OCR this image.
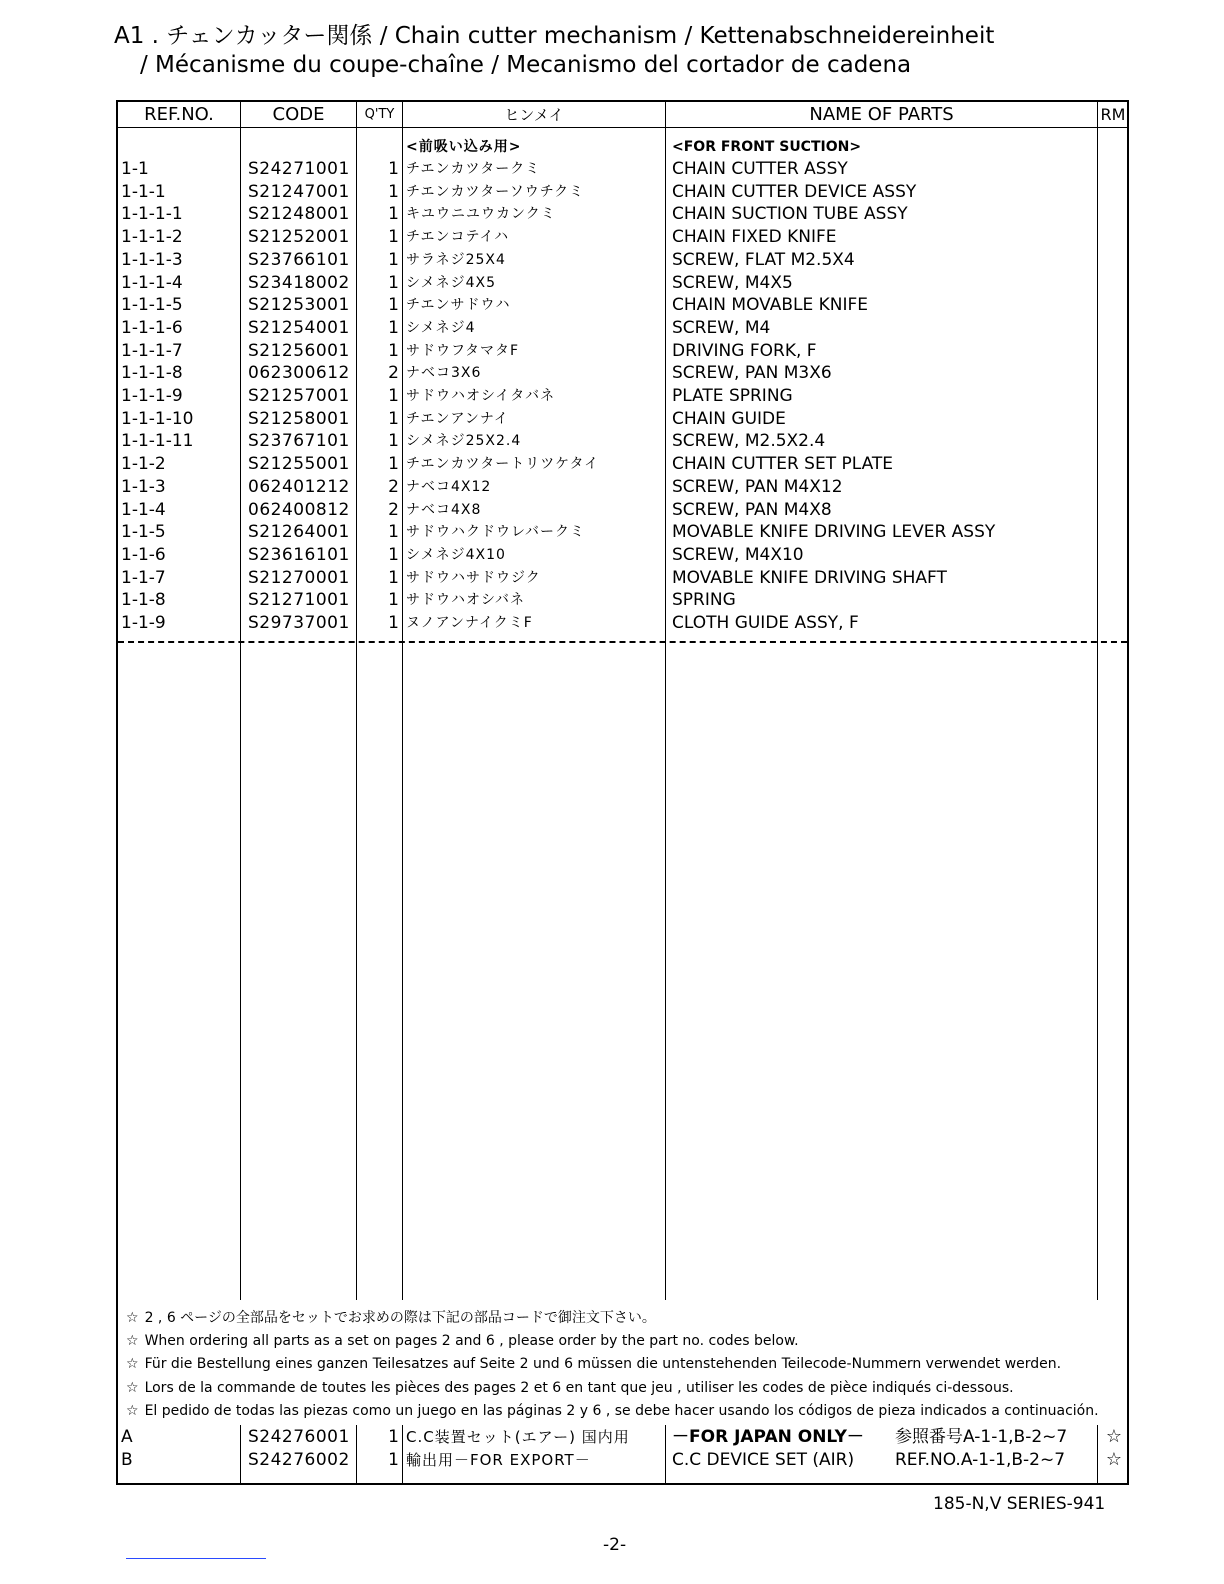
A1 . チェンカッター関係 / Chain cutter mechanism / Kettenabschneidereinheit
/ Mécanisme du coupe-chaîne / Mecanismo del cortador de cadena
REF.NO.	CODE	Q'TY	ヒンメイ	NAME OF PARTS	RM
<前吸い込み用>	<FOR FRONT SUCTION>
1-1	S24271001	1 チエンカツタークミ	CHAIN CUTTER ASSY
1-1-1	S21247001	1 チエンカツターソウチクミ	CHAIN CUTTER DEVICE ASSY
1-1-1-1	S21248001	1 キユウニユウカンクミ	CHAIN SUCTION TUBE ASSY
1-1-1-2	S21252001	1 チエンコテイハ	CHAIN FIXED KNIFE
1-1-1-3	S23766101	1 サラネジ25X4	SCREW, FLAT M2.5X4
1-1-1-4	S23418002	1 シメネジ4X5	SCREW, M4X5
1-1-1-5	S21253001	1 チエンサドウハ	CHAIN MOVABLE KNIFE
1-1-1-6	S21254001	1 シメネジ4	SCREW, M4
1-1-1-7	S21256001	1 サドウフタマタF	DRIVING FORK, F
1-1-1-8	062300612	2 ナベコ3X6	SCREW, PAN M3X6
1-1-1-9	S21257001	1 サドウハオシイタバネ	PLATE SPRING
1-1-1-10	S21258001	1 チエンアンナイ	CHAIN GUIDE
1-1-1-11	S23767101	1 シメネジ25X2.4	SCREW, M2.5X2.4
1-1-2	S21255001	1 チエンカツタートリツケタイ	CHAIN CUTTER SET PLATE
1-1-3	062401212	2 ナベコ4X12	SCREW, PAN M4X12
1-1-4	062400812	2 ナベコ4X8	SCREW, PAN M4X8
1-1-5	S21264001	1 サドウハクドウレバークミ	MOVABLE KNIFE DRIVING LEVER ASSY
1-1-6	S23616101	1 シメネジ4X10	SCREW, M4X10
1-1-7	S21270001	1 サドウハサドウジク	MOVABLE KNIFE DRIVING SHAFT
1-1-8	S21271001	1 サドウハオシバネ	SPRING
1-1-9	S29737001	1 ヌノアンナイクミF	CLOTH GUIDE ASSY, F
☆ 2 , 6 ページの全部品をセットでお求めの際は下記の部品コードで御注文下さい。
☆ When ordering all parts as a set on pages 2 and 6 , please order by the part no. codes below.
☆ Für die Bestellung eines ganzen Teilesatzes auf Seite 2 und 6 müssen die untenstehenden Teilecode-Nummern verwendet werden.
☆ Lors de la commande de toutes les pièces des pages 2 et 6 en tant que jeu , utiliser les codes de pièce indiqués ci-dessous.
☆ El pedido de todas las piezas como un juego en las páginas 2 y 6 , se debe hacer usando los códigos de pieza indicados a continuación.
A	S24276001	1 C.C装置セット(エアー) 国内用	－FOR JAPAN ONLY－	参照番号A-1-1,B-2~7	☆
B	S24276002	1 輸出用－FOR EXPORT－	C.C DEVICE SET (AIR)	REF.NO.A-1-1,B-2~7	☆
185-N,V SERIES-941
-2-
